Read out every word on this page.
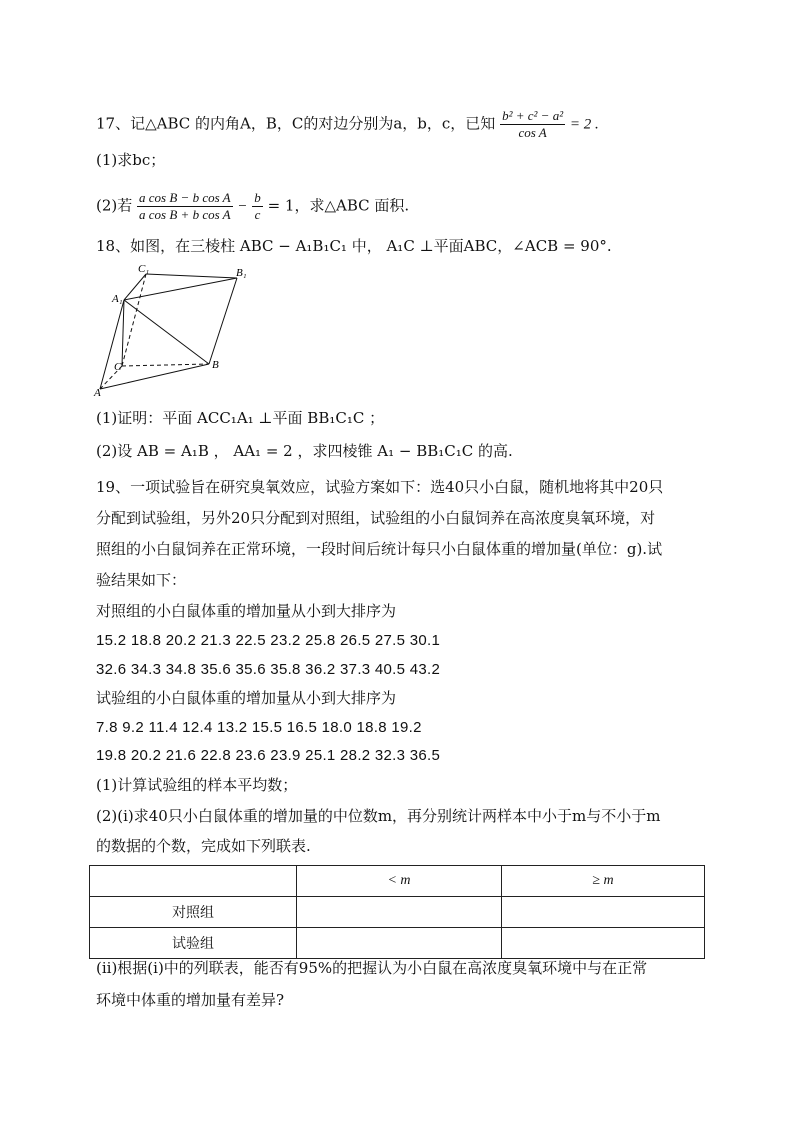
17、记△ABC 的内角A，B，C的对边分别为a，b，c，已知 $\frac{\text{b² + c² − a²}}{\text{cos A}} = 2$ .
(1)求bc；
(2)若 $\frac{\text{a cos B − b cos A}}{\text{a cos B + b cos A}} - \frac{b}{c} = 1$，求△ABC 面积.
18、如图，在三棱柱 ABC − A₁B₁C₁ 中， A₁C ⊥平面ABC，∠ACB = 90°.
C₁	B₁
A₁
C	B
A
(1)证明：平面 ACC₁A₁ ⊥平面 BB₁C₁C ；
(2)设 AB = A₁B ， AA₁ = 2 ，求四棱锥 A₁ − BB₁C₁C 的高.
19、一项试验旨在研究臭氧效应，试验方案如下：选40只小白鼠，随机地将其中20只
分配到试验组，另外20只分配到对照组，试验组的小白鼠饲养在高浓度臭氧环境，对
照组的小白鼠饲养在正常环境，一段时间后统计每只小白鼠体重的增加量(单位：g).试
验结果如下：
对照组的小白鼠体重的增加量从小到大排序为
15.2 18.8 20.2 21.3 22.5 23.2 25.8 26.5 27.5 30.1
32.6 34.3 34.8 35.6 35.6 35.8 36.2 37.3 40.5 43.2
试验组的小白鼠体重的增加量从小到大排序为
7.8 9.2 11.4 12.4 13.2 15.5 16.5 18.0 18.8 19.2
19.8 20.2 21.6 22.8 23.6 23.9 25.1 28.2 32.3 36.5
(1)计算试验组的样本平均数；
(2)(ⅰ)求40只小白鼠体重的增加量的中位数m，再分别统计两样本中小于m与不小于m
的数据的个数，完成如下列联表.
	< m	≥ m
对照组		
试验组		
(ⅱ)根据(ⅰ)中的列联表，能否有95%的把握认为小白鼠在高浓度臭氧环境中与在正常
环境中体重的增加量有差异?
